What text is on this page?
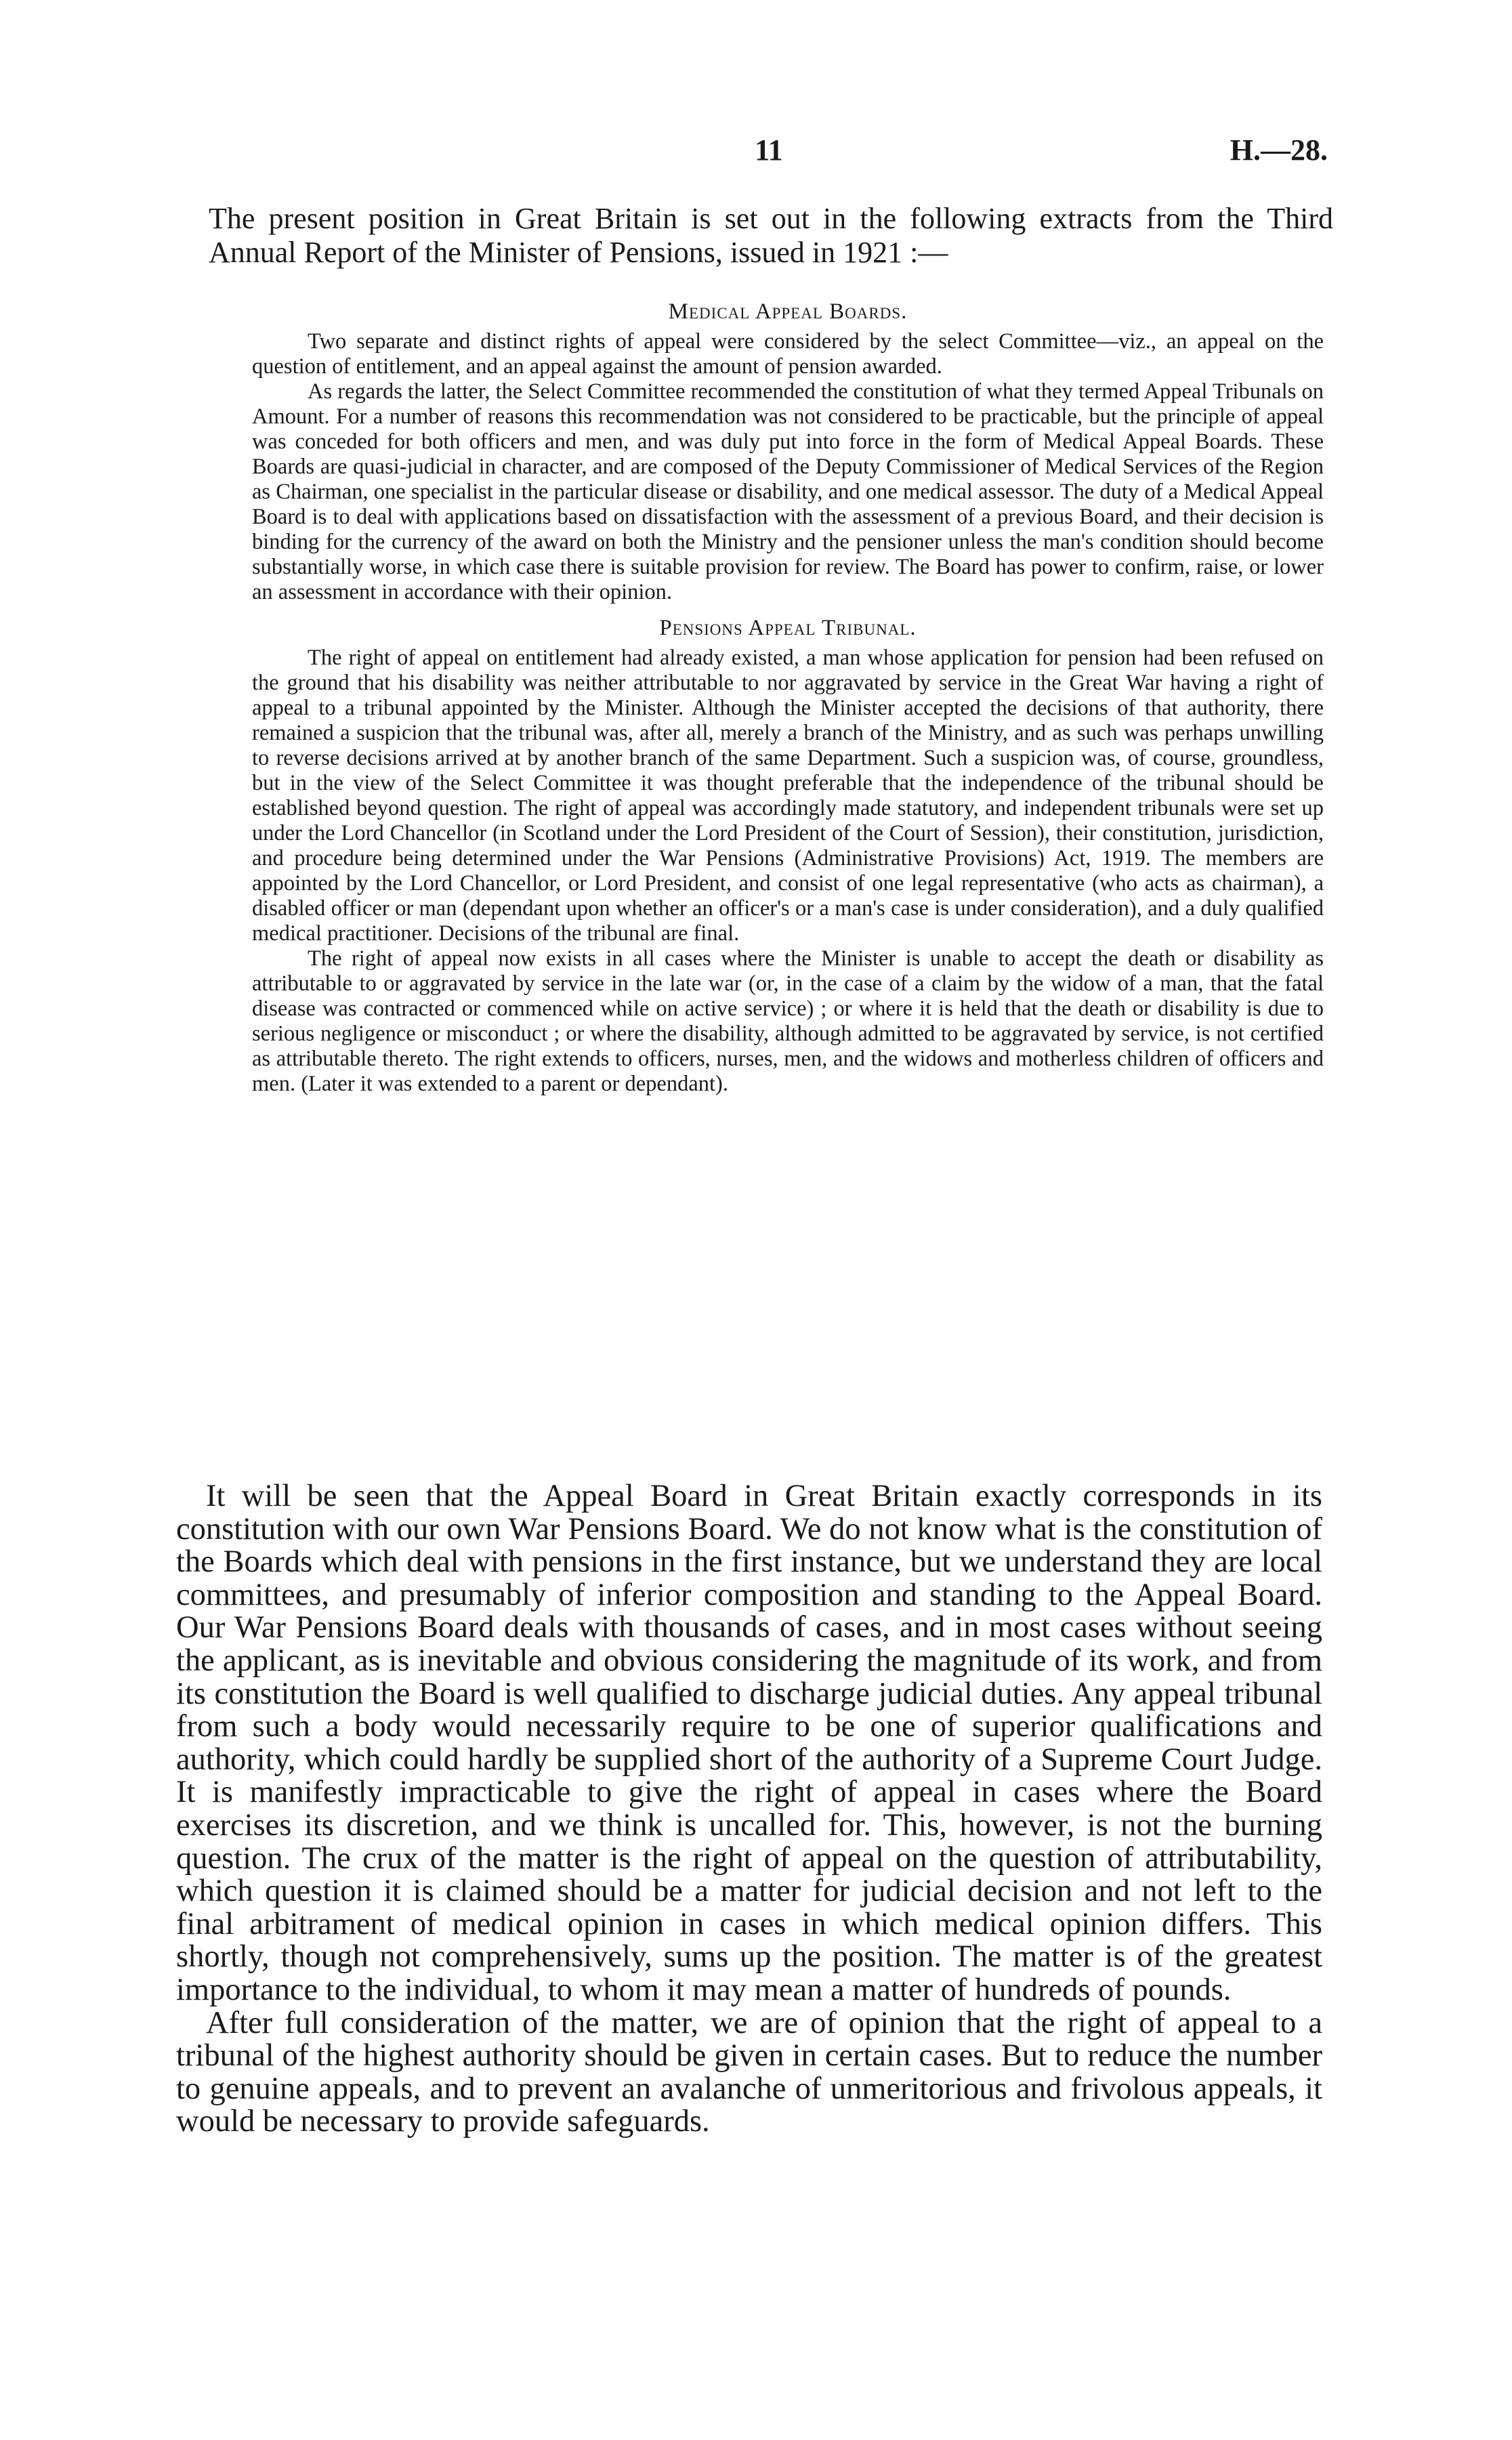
11	H.—28.
The present position in Great Britain is set out in the following extracts from the Third Annual Report of the Minister of Pensions, issued in 1921 :—
Medical Appeal Boards.

Two separate and distinct rights of appeal were considered by the select Committee—viz., an appeal on the question of entitlement, and an appeal against the amount of pension awarded.

As regards the latter, the Select Committee recommended the constitution of what they termed Appeal Tribunals on Amount. For a number of reasons this recommendation was not considered to be practicable, but the principle of appeal was conceded for both officers and men, and was duly put into force in the form of Medical Appeal Boards. These Boards are quasi-judicial in character, and are composed of the Deputy Commissioner of Medical Services of the Region as Chairman, one specialist in the particular disease or disability, and one medical assessor. The duty of a Medical Appeal Board is to deal with applications based on dissatisfaction with the assessment of a previous Board, and their decision is binding for the currency of the award on both the Ministry and the pensioner unless the man's condition should become substantially worse, in which case there is suitable provision for review. The Board has power to confirm, raise, or lower an assessment in accordance with their opinion.

Pensions Appeal Tribunal.

The right of appeal on entitlement had already existed, a man whose application for pension had been refused on the ground that his disability was neither attributable to nor aggravated by service in the Great War having a right of appeal to a tribunal appointed by the Minister. Although the Minister accepted the decisions of that authority, there remained a suspicion that the tribunal was, after all, merely a branch of the Ministry, and as such was perhaps unwilling to reverse decisions arrived at by another branch of the same Department. Such a suspicion was, of course, groundless, but in the view of the Select Committee it was thought preferable that the independence of the tribunal should be established beyond question. The right of appeal was accordingly made statutory, and independent tribunals were set up under the Lord Chancellor (in Scotland under the Lord President of the Court of Session), their constitution, jurisdiction, and procedure being determined under the War Pensions (Administrative Provisions) Act, 1919. The members are appointed by the Lord Chancellor, or Lord President, and consist of one legal representative (who acts as chairman), a disabled officer or man (dependant upon whether an officer's or a man's case is under consideration), and a duly qualified medical practitioner. Decisions of the tribunal are final.

The right of appeal now exists in all cases where the Minister is unable to accept the death or disability as attributable to or aggravated by service in the late war (or, in the case of a claim by the widow of a man, that the fatal disease was contracted or commenced while on active service) ; or where it is held that the death or disability is due to serious negligence or misconduct ; or where the disability, although admitted to be aggravated by service, is not certified as attributable thereto. The right extends to officers, nurses, men, and the widows and motherless children of officers and men. (Later it was extended to a parent or dependant).

It will be seen that the Appeal Board in Great Britain exactly corresponds in its constitution with our own War Pensions Board. We do not know what is the constitution of the Boards which deal with pensions in the first instance, but we understand they are local committees, and presumably of inferior composition and standing to the Appeal Board. Our War Pensions Board deals with thousands of cases, and in most cases without seeing the applicant, as is inevitable and obvious considering the magnitude of its work, and from its constitution the Board is well qualified to discharge judicial duties. Any appeal tribunal from such a body would necessarily require to be one of superior qualifications and authority, which could hardly be supplied short of the authority of a Supreme Court Judge. It is manifestly impracticable to give the right of appeal in cases where the Board exercises its discretion, and we think is uncalled for. This, however, is not the burning question. The crux of the matter is the right of appeal on the question of attributability, which question it is claimed should be a matter for judicial decision and not left to the final arbitrament of medical opinion in cases in which medical opinion differs. This shortly, though not comprehensively, sums up the position. The matter is of the greatest importance to the individual, to whom it may mean a matter of hundreds of pounds.

After full consideration of the matter, we are of opinion that the right of appeal to a tribunal of the highest authority should be given in certain cases. But to reduce the number to genuine appeals, and to prevent an avalanche of unmeritorious and frivolous appeals, it would be necessary to provide safeguards.
